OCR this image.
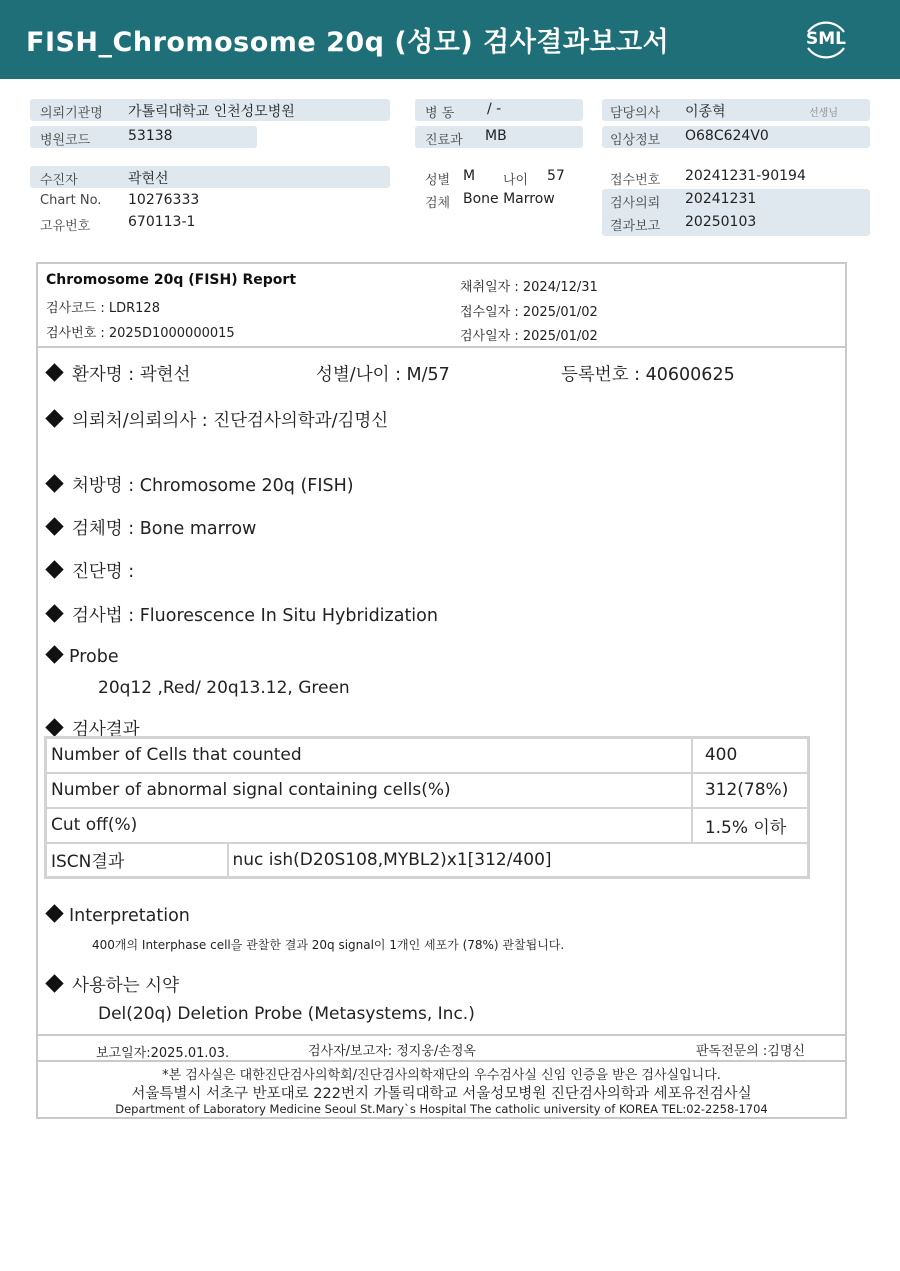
FISH_Chromosome 20q (성모) 검사결과보고서	SML
의뢰기관명 가톨릭대학교 인천성모병원
병원코드	53138
병 동 / -
진료과 MB
담당의사 이종혁	선생님
임상정보 O68C624V0
수진자	곽현선
Chart No. 10276333
고유번호	670113-1
성별 M 나이 57
검체 Bone Marrow
접수번호 20241231-90194
검사의뢰 20241231
결과보고 20250103
Chromosome 20q (FISH) Report
검사코드 : LDR128
검사번호 : 2025D1000000015
채취일자 : 2024/12/31
접수일자 : 2025/01/02
검사일자 : 2025/01/02
환자명 : 곽현선	성별/나이 : M/57	등록번호 : 40600625
의뢰처/의뢰의사 : 진단검사의학과/김명신
처방명 : Chromosome 20q (FISH)
검체명 : Bone marrow
진단명 :
검사법 : Fluorescence In Situ Hybridization
Probe
20q12 ,Red/ 20q13.12, Green
검사결과
Number of Cells that counted		400
Number of abnormal signal containing cells(%)		312(78%)
Cut off(%)		1.5% 이하
ISCN결과	nuc ish(D20S108,MYBL2)x1[312/400]	
Interpretation
400개의 Interphase cell을 관찰한 결과 20q signal이 1개인 세포가 (78%) 관찰됩니다.
사용하는 시약
Del(20q) Deletion Probe (Metasystems, Inc.)
보고일자:2025.01.03.	검사자/보고자: 정지웅/손정옥	판독전문의 :김명신
*본 검사실은 대한진단검사의학회/진단검사의학재단의 우수검사실 신임 인증을 받은 검사실입니다.
서울특별시 서초구 반포대로 222번지 가톨릭대학교 서울성모병원 진단검사의학과 세포유전검사실
Department of Laboratory Medicine Seoul St.Mary`s Hospital The catholic university of KOREA TEL:02-2258-1704
